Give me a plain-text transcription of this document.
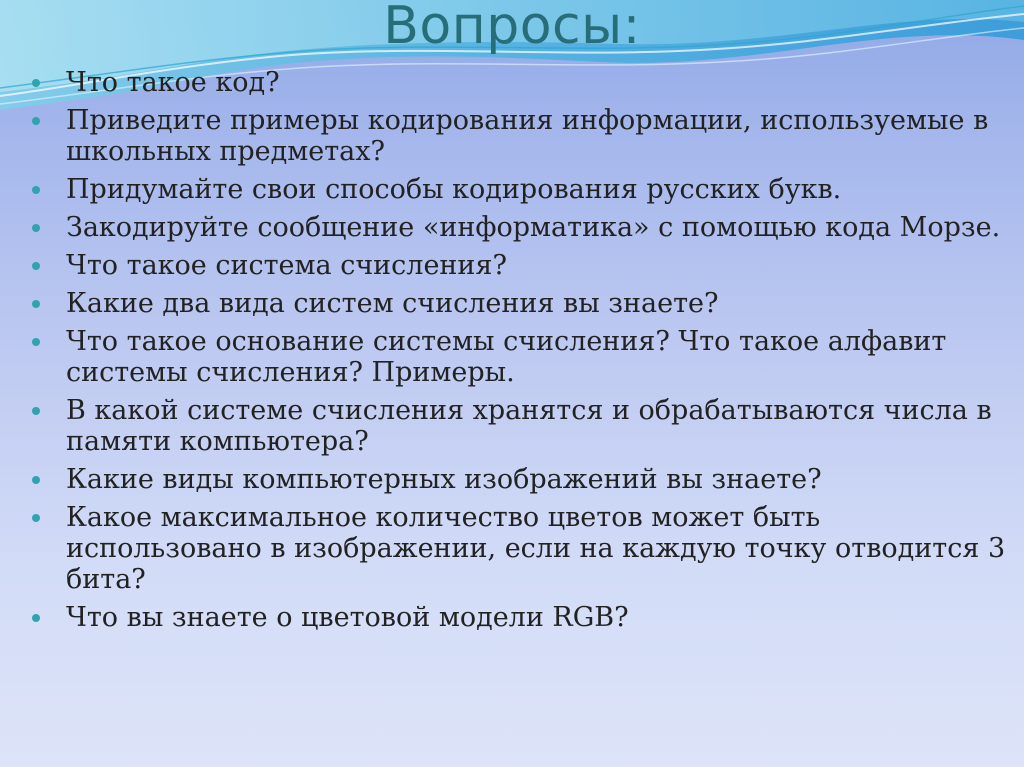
Вопросы:
Что такое код?
Приведите примеры кодирования информации, используемые в школьных предметах?
Придумайте свои способы кодирования русских букв.
Закодируйте сообщение «информатика» с помощью кода Морзе.
Что такое система счисления?
Какие два вида систем счисления вы знаете?
Что такое основание системы счисления? Что такое алфавит системы счисления? Примеры.
В какой системе счисления хранятся и обрабатываются числа в памяти компьютера?
Какие виды компьютерных изображений вы знаете?
Какое максимальное количество цветов может быть использовано в изображении, если на каждую точку отводится 3 бита?
Что вы знаете о цветовой модели RGB?
